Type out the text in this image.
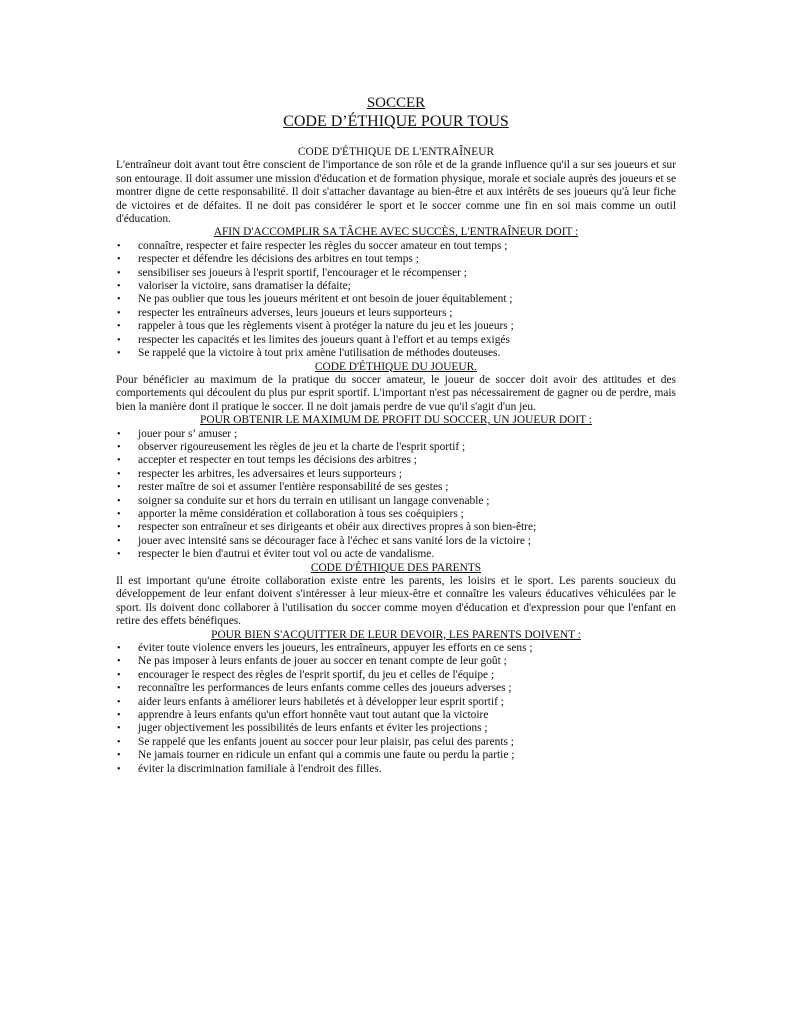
SOCCER
CODE D’ÉTHIQUE POUR TOUS
CODE D'ÉTHIQUE DE L'ENTRAÎNEUR

L'entraîneur doit avant tout être conscient de l'importance de son rôle et de la grande influence qu'il a sur ses joueurs et sur son entourage. Il doit assumer une mission d'éducation et de formation physique, morale et sociale auprès des joueurs et se montrer digne de cette responsabilité. Il doit s'attacher davantage au bien-être et aux intérêts de ses joueurs qu'à leur fiche de victoires et de défaites. Il ne doit pas considérer le sport et le soccer comme une fin en soi mais comme un outil d'éducation.

AFIN D'ACCOMPLIR SA TÂCHE AVEC SUCCÈS, L'ENTRAÎNEUR DOIT :
• connaître, respecter et faire respecter les règles du soccer amateur en tout temps ;
• respecter et défendre les décisions des arbitres en tout temps ;
• sensibiliser ses joueurs à l'esprit sportif, l'encourager et le récompenser ;
• valoriser la victoire, sans dramatiser la défaite;
• Ne pas oublier que tous les joueurs méritent et ont besoin de jouer équitablement ;
• respecter les entraîneurs adverses, leurs joueurs et leurs supporteurs ;
• rappeler à tous que les règlements visent à protéger la nature du jeu et les joueurs ;
• respecter les capacités et les limites des joueurs quant à l'effort et au temps exigés
• Se rappelé que la victoire à tout prix amène l'utilisation de méthodes douteuses.
CODE D'ÉTHIQUE DU JOUEUR.

Pour bénéficier au maximum de la pratique du soccer amateur, le joueur de soccer doit avoir des attitudes et des comportements qui découlent du plus pur esprit sportif. L'important n'est pas nécessairement de gagner ou de perdre, mais bien la manière dont il pratique le soccer. Il ne doit jamais perdre de vue qu'il s'agit d'un jeu.

POUR OBTENIR LE MAXIMUM DE PROFIT DU SOCCER, UN JOUEUR DOIT :
• jouer pour s’ amuser ;
• observer rigoureusement les règles de jeu et la charte de l'esprit sportif ;
• accepter et respecter en tout temps les décisions des arbitres ;
• respecter les arbitres, les adversaires et leurs supporteurs ;
• rester maître de soi et assumer l'entière responsabilité de ses gestes ;
• soigner sa conduite sur et hors du terrain en utilisant un langage convenable ;
• apporter la même considération et collaboration à tous ses coéquipiers ;
• respecter son entraîneur et ses dirigeants et obéir aux directives propres à son bien-être;
• jouer avec intensité sans se décourager face à l'échec et sans vanité lors de la victoire ;
• respecter le bien d'autrui et éviter tout vol ou acte de vandalisme.
CODE D'ÉTHIQUE DES PARENTS

Il est important qu'une étroite collaboration existe entre les parents, les loisirs et le sport. Les parents soucieux du développement de leur enfant doivent s'intéresser à leur mieux-être et connaître les valeurs éducatives véhiculées par le sport. Ils doivent donc collaborer à l'utilisation du soccer comme moyen d'éducation et d'expression pour que l'enfant en retire des effets bénéfiques.

POUR BIEN S'ACQUITTER DE LEUR DEVOIR, LES PARENTS DOIVENT :
• éviter toute violence envers les joueurs, les entraîneurs, appuyer les efforts en ce sens ;
• Ne pas imposer à leurs enfants de jouer au soccer en tenant compte de leur goût ;
• encourager le respect des règles de l'esprit sportif, du jeu et celles de l'équipe ;
• reconnaître les performances de leurs enfants comme celles des joueurs adverses ;
• aider leurs enfants à améliorer leurs habiletés et à développer leur esprit sportif ;
• apprendre à leurs enfants qu'un effort honnête vaut tout autant que la victoire
• juger objectivement les possibilités de leurs enfants et éviter les projections ;
• Se rappelé que les enfants jouent au soccer pour leur plaisir, pas celui des parents ;
• Ne jamais tourner en ridicule un enfant qui a commis une faute ou perdu la partie ;
• éviter la discrimination familiale à l'endroit des filles.
